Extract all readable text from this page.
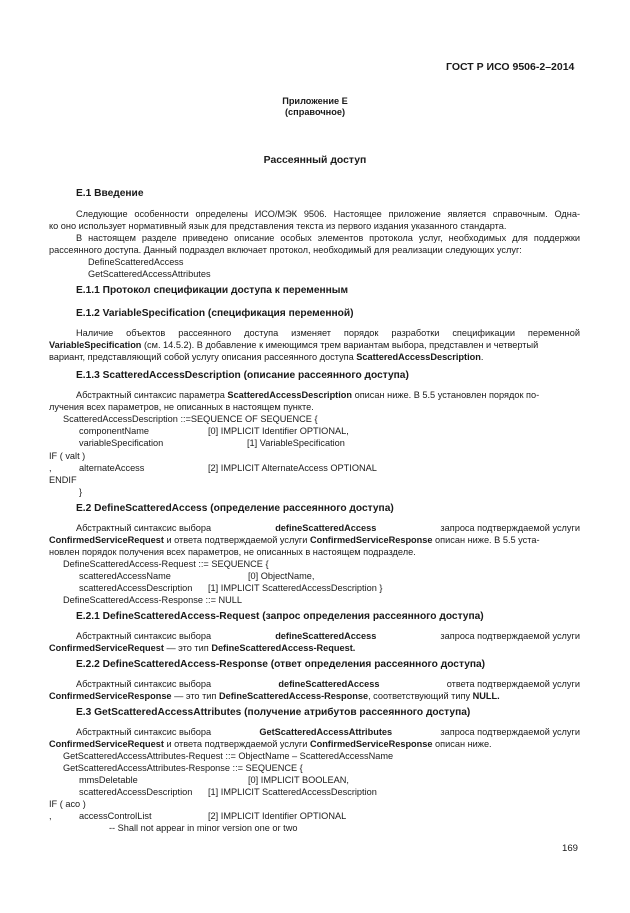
ГОСТ Р ИСО 9506-2–2014
Приложение Е
(справочное)
Рассеянный доступ
Е.1 Введение
Следующие особенности определены ИСО/МЭК 9506. Настоящее приложение является справочным. Одна-
ко оно использует нормативный язык для представления текста из первого издания указанного стандарта.
В настоящем разделе приведено описание особых элементов протокола услуг, необходимых для поддержки
рассеянного доступа. Данный подраздел включает протокол, необходимый для реализации следующих услуг:
DefineScatteredAccess
GetScatteredAccessAttributes
Е.1.1 Протокол спецификации доступа к переменным
Е.1.2 VariableSpecification (спецификация переменной)
Наличие объектов рассеянного доступа изменяет порядок разработки спецификации переменной
VariableSpecification (см. 14.5.2). В добавление к имеющимся трем вариантам выбора, представлен и четвертый
вариант, представляющий собой услугу описания рассеянного доступа ScatteredAccessDescription.
Е.1.3 ScatteredAccessDescription (описание рассеянного доступа)
Абстрактный синтаксис параметра ScatteredAccessDescription описан ниже. В 5.5 установлен порядок по-
лучения всех параметров, не описанных в настоящем пункте.
ScatteredAccessDescription ::=SEQUENCE OF SEQUENCE {
componentName	[0] IMPLICIT Identifier OPTIONAL,
variableSpecification	[1] VariableSpecification
IF ( valt )
,	alternateAccess	[2] IMPLICIT AlternateAccess OPTIONAL
ENDIF
}
Е.2 DefineScatteredAccess (определение рассеянного доступа)
Абстрактный синтаксис выбора	defineScatteredAccess	запроса подтверждаемой услуги
ConfirmedServiceRequest и ответа подтверждаемой услуги ConfirmedServiceResponse описан ниже. В 5.5 уста-
новлен порядок получения всех параметров, не описанных в настоящем подразделе.
DefineScatteredAccess-Request ::= SEQUENCE {
scatteredAccessName	[0] ObjectName,
scatteredAccessDescription [1] IMPLICIT ScatteredAccessDescription }
DefineScatteredAccess-Response ::= NULL
Е.2.1 DefineScatteredAccess-Request (запрос определения рассеянного доступа)
Абстрактный синтаксис выбора	defineScatteredAccess	запроса подтверждаемой услуги
ConfirmedServiceRequest — это тип DefineScatteredAccess-Request.
Е.2.2 DefineScatteredAccess-Response (ответ определения рассеянного доступа)
Абстрактный синтаксис выбора	defineScatteredAccess	ответа подтверждаемой услуги
ConfirmedServiceResponse — это тип DefineScatteredAccess-Response, соответствующий типу NULL.
Е.3 GetScatteredAccessAttributes (получение атрибутов рассеянного доступа)
Абстрактный синтаксис выбора	GetScatteredAccessAttributes	запроса подтверждаемой услуги
ConfirmedServiceRequest и ответа подтверждаемой услуги ConfirmedServiceResponse описан ниже.
GetScatteredAccessAttributes-Request ::= ObjectName – ScatteredAccessName
GetScatteredAccessAttributes-Response ::= SEQUENCE {
mmsDeletable	[0] IMPLICIT BOOLEAN,
scatteredAccessDescription [1] IMPLICIT ScatteredAccessDescription
IF ( aco )
,	accessControlList	[2] IMPLICIT Identifier OPTIONAL
-- Shall not appear in minor version one or two
169
